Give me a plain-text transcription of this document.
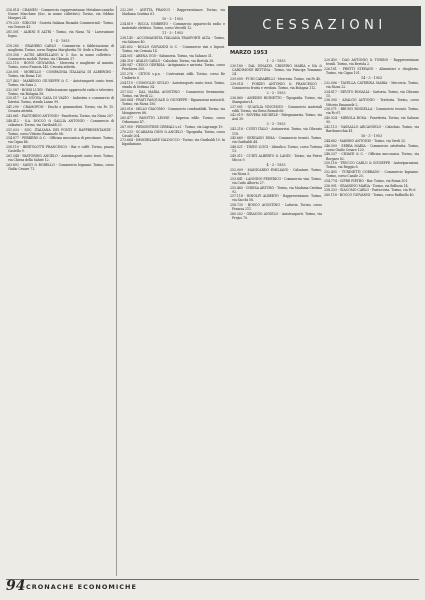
216.814 - CRAMEN - Commercio rappresentanze Metalmeccaniche Nuove Macchine (Soc. in nome collettivo). Torino, via Oddino Morgari 24.

279.233 - SIRCOM - Società Italiana Ricambi Commerciali - Torino, via Genova 41.

281.501 - ALBINI E ALTRI - Torino, via Nizza 74 - Lavorazione legno.

1 - 4 - 1953

218.285 - GRANERO CARLO - Commercio e fabbricazione di maglieria. Torino, corso Regina Margherita 18. Sede a Pinerolo.

219.356 - ACTIS ARMELLANO & C. Soc. in nome collettivo - Commercio mobili. Torino, via Cibrario 37.

222.110 - BONO GIOVANNA - Merceria e maglierie al minuto. Torino, corso Francia 145. Cessata attività.

226.001 - MORELLO - COMPAGNIA ITALIANA DI ALBERGHI - Torino, via Roma 120.

227.463 - MARENGO GIUSEPPE & C. - Autotrasporti conto terzi. Torino, via Susa 2.

232.587 - ROSSI LUIGI - Fabbricazione apparecchi radio e televisivi. Torino, via Bologna 58.

235.017 - LA NUOVA CASA DI VAZIO - Industria e commercio di laterizi. Torino, strada Lanzo 99.

241.290 - CRAMOFON - Dischi e grammofoni. Torino, via Po 15. Cessata attività.

243.661 - PASTORINO ANTONIO - Panetteria. Torino, via Nizza 207.

248.412 - S.A. DOCCO & GALLIA ANTONIO - Commercio di calzature. Torino, via Garibaldi 25.

251.033 - SOC. ITALIANA DEI FONTI E RAPPRESENTANZE - Torino, corso Vittorio Emanuele 88.

254.877 - PERRERO & C. - Officina meccanica di precisione. Torino, via Cigna 46.

258.110 - BERTOLOTTI FRANCESCO - Bar e caffè. Torino, piazza Castello 9.

261.544 - PASTORINO ANGELO - Autotrasporti conto terzi. Torino, via Chiesa della Salute 12.

263.892 - SAVIO & BORELLO - Commercio legnami. Torino, corso Giulio Cesare 71.

232.289 - AVETTA FRANCO - Rappresentanze. Torino, via Madama Cristina 61.

10 - 3 - 1953

234.819 - RICCA UMBERTO - Commercio apparecchi radio e materiale elettrico. Torino, corso Vercelli 12.

11 - 3 - 1953

238.145 - ACCOMANDITA ITALIANA TRASPORTI ALTA - Torino, via Saluzzo 40.

241.602 - BOLLO GIOVANNI & C. - Commercio vini e liquori. Torino, via Cernaia 14.

244.001 - ARENA UGO - Salumeria. Torino, via Saluzzo 31.

246.318 - AVALIS CARLO - Calzolaio. Torino, via Bertola 36.

248.947 - CESCO ODERISA - Artigianato e sartoria. Torino, corso Peschiera 205.

251.276 - CETOS s.p.a. - Costruzioni edili. Torino, corso Re Umberto 6.

254.110 - COMOGLIO GIULIO - Autotrasporti conto terzi. Torino, strada di Settimo 54.

257.532 - DAL MARIA AGOSTINO - Commercio ferramenta. Torino, via Verdi 22.

260.884 - FRATI PASQUALE & GIUSEPPE - Riparazioni motocicli. Torino, via Nizza 150.

263.016 - MILLO GIACOMO - Commercio combustibili. Torino, via Monginevro 88.

265.477 - PASOTTO LEONE - Impresa edile. Torino, corso Orbassano 47.

267.950 - PIEMONTESE CEREALI s.r.l. - Torino, via Lagrange 19.

270.233 - SCARAMA GINO & ANGELO - Tipografia. Torino, corso Casale 204.

272.664 - IMMOBILIARE VALDOCCO - Torino, via Garibaldi 10. In liquidazione.

CESSAZIONI
MARZO 1953

1 - 3 - 1953

230.180 - DAL IONAZIO, CRISPINO MARIA e NA & CARDIMONE BETTINA - Torino, via Principe Tommaso 24.

239.000 - FUNI CARABELLI - Merceria. Torino, via Po 40.

239.014 - PORZIO ANTONIO & FRANCESCO - Commercio frutta e verdura. Torino, via Bologna 112.

2 - 3 - 1953

236.860 - AMEDEO RIGHETTO - Tipografia. Torino, via Stampatori 4.

237.901 - QUAGLIA VINCENZO - Commercio materiali edili. Torino, via Reiss Romoli 66.

242.019 - ROVERA MICHELE - Falegnameria. Torino, via Asti 30.

3 - 3 - 1953

243.218 - CURTI ITALO - Autoservizi. Torino, via Cibrario 118.

245.660 - GERVASIO DIMA - Commercio tessuti. Torino, via Garibaldi 44.

248.021 - TINEO LUIGI - Idraulico. Torino, corso Tortona 13.

249.311 - CURTI ALBERTO & LANDI - Torino, via Pietro Micca 9.

4 - 3 - 1953

252.009 - MANICARDO EMILIANO - Calzature. Torino, via Nizza 5.

253.841 - LANNINO FEDERICO - Commercio vini. Torino, via Carlo Alberto 27.

255.460 - CHIESA ARTURO - Torino, via Madama Cristina 92.

257.118 - RINOLFI ALBERTO - Rappresentanze. Torino, via Sacchi 58.

258.735 - BOSCO AGOSTINO - Latteria. Torino, corso Francia 211.

260.302 - GIRAUDO ANGELO - Autotrasporti. Torino, via Frejus 70.

220.450 - DAO ANTONIO & TORINO - Rappresentanze tessili. Torino, via Bertola 2.

226.181 - PRETTI STEFANO - Alimentari e drogheria. Torino, via Cigna 101.

14 - 3 - 1953

232.006 - TAVELLA CATERINA MARIA - Merceria. Torino, via Nizza 22.

234.817 - DEVITO ROSALIA - Sartoria. Torino, via Cibrario 15.

236.300 - ADALGO ANTONIO - Trattoria. Torino, corso Vittorio Emanuele 2.

238.571 - BRUNO ROSSELLA - Commercio tessuti. Torino, via Po 67.

240.924 - MEROLA ROSA - Panetteria. Torino, via Saluzzo 95.

242.113 - VASSALLO ARCANGELO - Calzolaio. Torino, via Bardonecchia 41.

16 - 3 - 1953

244.682 - MARINO ANTONIO - Torino, via Verdi 33.

246.009 - SERRA MARIA - Commercio ortofrutta. Torino, corso Giulio Cesare 120.

248.337 - CHIAVE & C. - Officina meccanica. Torino, via Borgaro 82.

250.118 - TRUCCO CARLO & GIUSEPPE - Autoriparazioni. Torino, via Reggio 6.

252.405 - TURINETTI CORRADO - Commercio legname. Torino, corso Casale 25.

254.774 - CIFRE FIETRO - Bar. Torino, via Roma 301.

256.901 - GRASSINO MARIA - Torino, via Bellezia 14.

258.333 - GIACOMO CARLO - Pasticceria. Torino, via Po 6.

260.118 - BOCCO GIOVANNI - Torino, corso Raffaello 40.

94 CRONACHE ECONOMICHE
